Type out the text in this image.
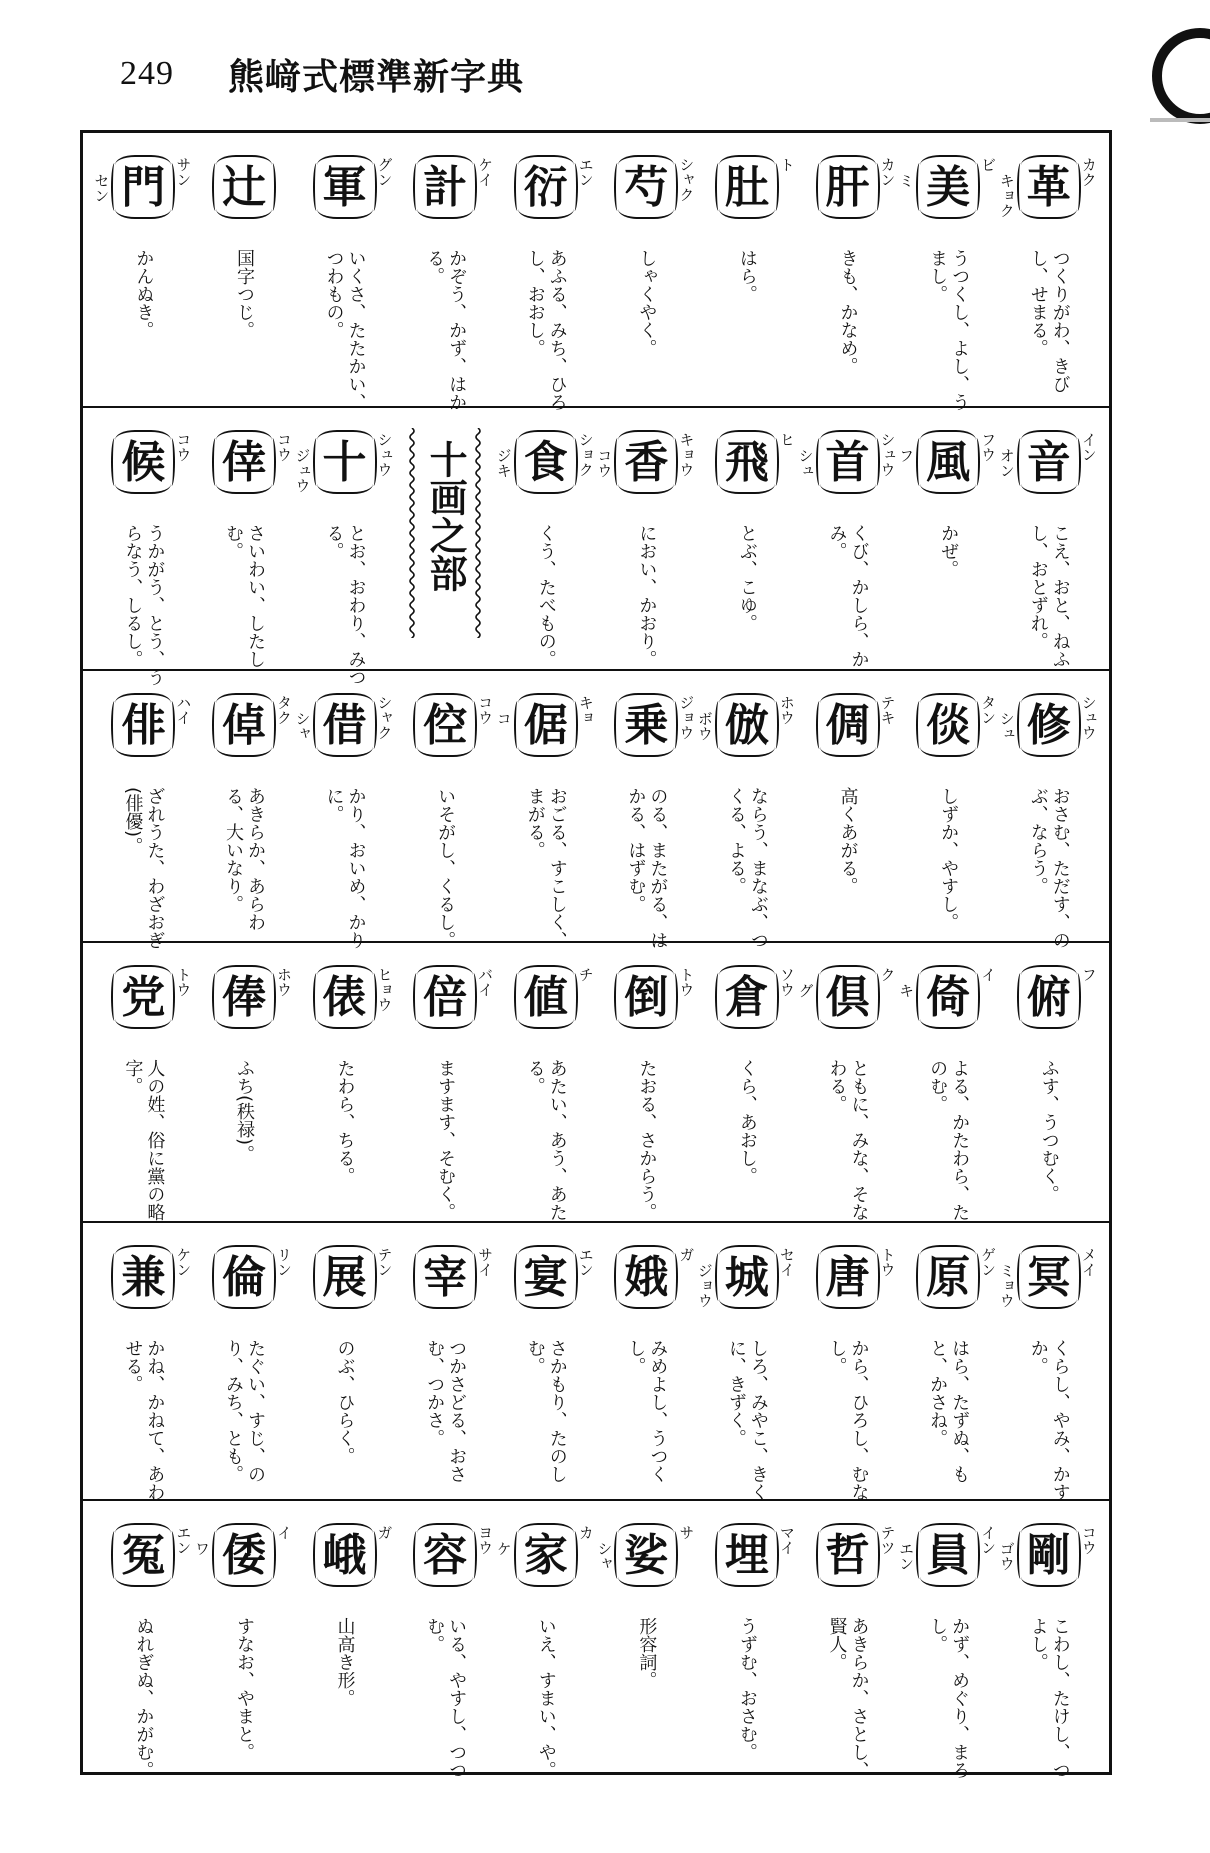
249 熊﨑式標準新字典
革 カク
キョク
つくりがわ、きびし、せまる。
美 ビ
ミ
うつくし、よし、うまし。
肝 カン
きも、かなめ。
肚 ト
はら。
芍 シャク
しゃくやく。
衍 エン
あふる、みち、ひろし、おおし。
計 ケイ
かぞう、かず、はかる。
軍 グン
いくさ、たたかい、つわもの。
辻
国字つじ。
門 サン
セン
かんぬき。
音 イン
オン
こえ、おと、ねふし、おとずれ。
風 フウ
フ
かぜ。
首 シュウ
シュ
くび、かしら、かみ。
飛 ヒ
とぶ、こゆ。
香 キョウ
コウ
におい、かおり。
食 ショク
ジキ
くう、たべもの。
十画之部
十 シュウ
ジュウ
とお、おわり、みつる。
倖 コウ
さいわい、したしむ。
候 コウ
うかがう、とう、うらなう、しるし。
修 シュウ
シュ
おさむ、ただす、のぶ、ならう。
倓 タン
しずか、やすし。
倜 テキ
高くあがる。
倣 ホウ
ボウ
ならう、まなぶ、つくる、よる。
乗 ジョウ
のる、またがる、はかる、はずむ。
倨 キョ
コ
おごる、すこしく、まがる。
倥 コウ
いそがし、くるし。
借 シャク
シャ
かり、おいめ、かりに。
倬 タク
あきらか、あらわる、大いなり。
俳 ハイ
ざれうた、わざおぎ(俳優)。
俯 フ
ふす、うつむく。
倚 イ
キ
よる、かたわら、たのむ。
倶 ク
グ
ともに、みな、そなわる。
倉 ソウ
くら、あおし。
倒 トウ
たおる、さからう。
値 チ
あたい、あう、あたる。
倍 バイ
ますます、そむく。
俵 ヒョウ
たわら、ちる。
俸 ホウ
ふち(秩禄)。
党 トウ
人の姓、俗に黨の略字。
冥 メイ
ミョウ
くらし、やみ、かすか。
原 ゲン
はら、たずぬ、もと、かさね。
唐 トウ
から、ひろし、むなし。
城 セイ
ジョウ
しろ、みやこ、きくに、きずく。
娥 ガ
みめよし、うつくし。
宴 エン
さかもり、たのしむ。
宰 サイ
つかさどる、おさむ、つかさ。
展 テン
のぶ、ひらく。
倫 リン
たぐい、すじ、のり、みち、とも。
兼 ケン
かね、かねて、あわせる。
剛 コウ
ゴウ
こわし、たけし、つよし。
員 イン
エン
かず、めぐり、まろし。
哲 テツ
あきらか、さとし、賢人。
埋 マイ
うずむ、おさむ。
娑 サ
シャ
形容詞。
家 カ
ケ
いえ、すまい、や。
容 ヨウ
いる、やすし、つつむ。
峨 ガ
山高き形。
倭 イ
ワ
すなお、やまと。
冤 エン
ぬれぎぬ、かがむ。
